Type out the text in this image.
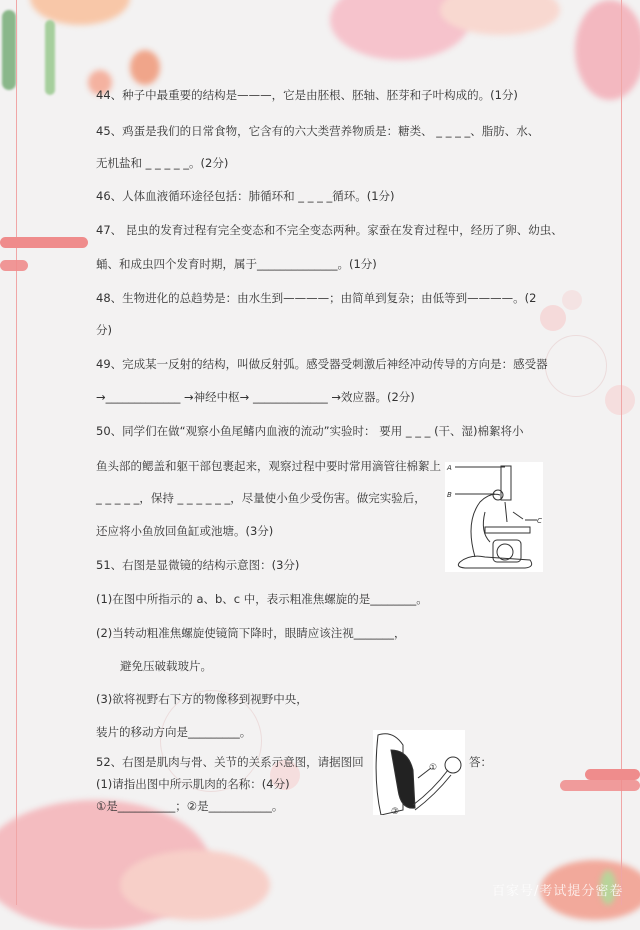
44、种子中最重要的结构是———，它是由胚根、胚轴、胚芽和子叶构成的。(1分)
45、鸡蛋是我们的日常食物，它含有的六大类营养物质是：糖类、 _ _ _ _、脂肪、水、
无机盐和 _ _ _ _ _。(2分)
46、人体血液循环途径包括：肺循环和 _ _ _ _循环。(1分)
47、 昆虫的发育过程有完全变态和不完全变态两种。家蚕在发育过程中，经历了卵、幼虫、
蛹、和成虫四个发育时期，属于______________。(1分)
48、生物进化的总趋势是：由水生到————；由简单到复杂；由低等到————。(2
分)
49、完成某一反射的结构，叫做反射弧。感受器受刺激后神经冲动传导的方向是：感受器
→_____________ →神经中枢→ _____________ →效应器。(2分)
50、同学们在做“观察小鱼尾鳍内血液的流动”实验时： 要用 _ _ _ (干、湿)棉絮将小
鱼头部的鳃盖和躯干部包裹起来，观察过程中要时常用滴管往棉絮上
_ _ _ _ _，保持 _ _ _ _ _ _，尽量使小鱼少受伤害。做完实验后，
还应将小鱼放回鱼缸或池塘。(3分)
51、右图是显微镜的结构示意图：(3分)
(1)在图中所指示的 a、b、c 中，表示粗准焦螺旋的是________。
(2)当转动粗准焦螺旋使镜筒下降时，眼睛应该注视_______，
避免压破载玻片。
(3)欲将视野右下方的物像移到视野中央，
装片的移动方向是_________。
52、右图是肌肉与骨、关节的关系示意图，请据图回	答：
(1)请指出图中所示肌肉的名称：(4分)
①是__________；②是___________。
A
B
C
①
②
百家号/考试提分密卷
